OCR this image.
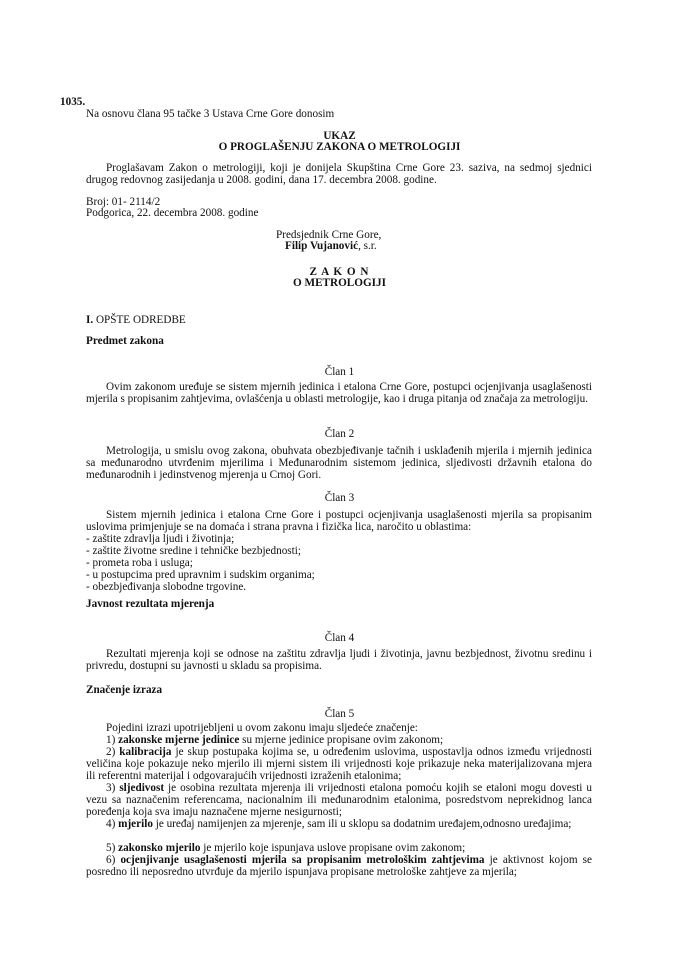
1035.
Na osnovu člana 95 tačke 3 Ustava Crne Gore donosim
UKAZ
O PROGLAŠENJU ZAKONA O METROLOGIJI
Proglašavam Zakon o metrologiji, koji je donijela Skupština Crne Gore 23. saziva, na sedmoj sjednici drugog redovnog zasijedanja u 2008. godini, dana 17. decembra 2008. godine.
Broj: 01- 2114/2
Podgorica, 22. decembra 2008. godine
Predsjednik Crne Gore,
Filip Vujanović, s.r.
Z A K O N
O METROLOGIJI
I. OPŠTE ODREDBE
Predmet zakona
Član 1
Ovim zakonom uređuje se sistem mjernih jedinica i etalona Crne Gore, postupci ocjenjivanja usaglašenosti mjerila s propisanim zahtjevima, ovlašćenja u oblasti metrologije, kao i druga pitanja od značaja za metrologiju.
Član 2
Metrologija, u smislu ovog zakona, obuhvata obezbjeđivanje tačnih i usklađenih mjerila i mjernih jedinica sa međunarodno utvrđenim mjerilima i Međunarodnim sistemom jedinica, sljedivosti državnih etalona do međunarodnih i jedinstvenog mjerenja u Crnoj Gori.
Član 3
Sistem mjernih jedinica i etalona Crne Gore i postupci ocjenjivanja usaglašenosti mjerila sa propisanim uslovima primjenjuje se na domaća i strana pravna i fizička lica, naročito u oblastima:
- zaštite zdravlja ljudi i životinja;
- zaštite životne sredine i tehničke bezbjednosti;
- prometa roba i usluga;
- u postupcima pred upravnim i sudskim organima;
- obezbjeđivanja slobodne trgovine.
Javnost rezultata mjerenja
Član 4
Rezultati mjerenja koji se odnose na zaštitu zdravlja ljudi i životinja, javnu bezbjednost, životnu sredinu i privredu, dostupni su javnosti u skladu sa propisima.
Značenje izraza
Član 5
Pojedini izrazi upotrijebljeni u ovom zakonu imaju sljedeće značenje:
1) zakonske mjerne jedinice su mjerne jedinice propisane ovim zakonom;
2) kalibracija je skup postupaka kojima se, u određenim uslovima, uspostavlja odnos između vrijednosti veličina koje pokazuje neko mjerilo ili mjerni sistem ili vrijednosti koje prikazuje neka materijalizovana mjera ili referentni materijal i odgovarajućih vrijednosti izraženih etalonima;
3) sljedivost je osobina rezultata mjerenja ili vrijednosti etalona pomoću kojih se etaloni mogu dovesti u vezu sa naznačenim referencama, nacionalnim ili međunarodnim etalonima, posredstvom neprekidnog lanca poređenja koja sva imaju naznačene mjerne nesigurnosti;
4) mjerilo je uređaj namijenjen za mjerenje, sam ili u sklopu sa dodatnim uređajem,odnosno uređajima;
5) zakonsko mjerilo je mjerilo koje ispunjava uslove propisane ovim zakonom;
6) ocjenjivanje usaglašenosti mjerila sa propisanim metrološkim zahtjevima je aktivnost kojom se posredno ili neposredno utvrđuje da mjerilo ispunjava propisane metrološke zahtjeve za mjerila;
